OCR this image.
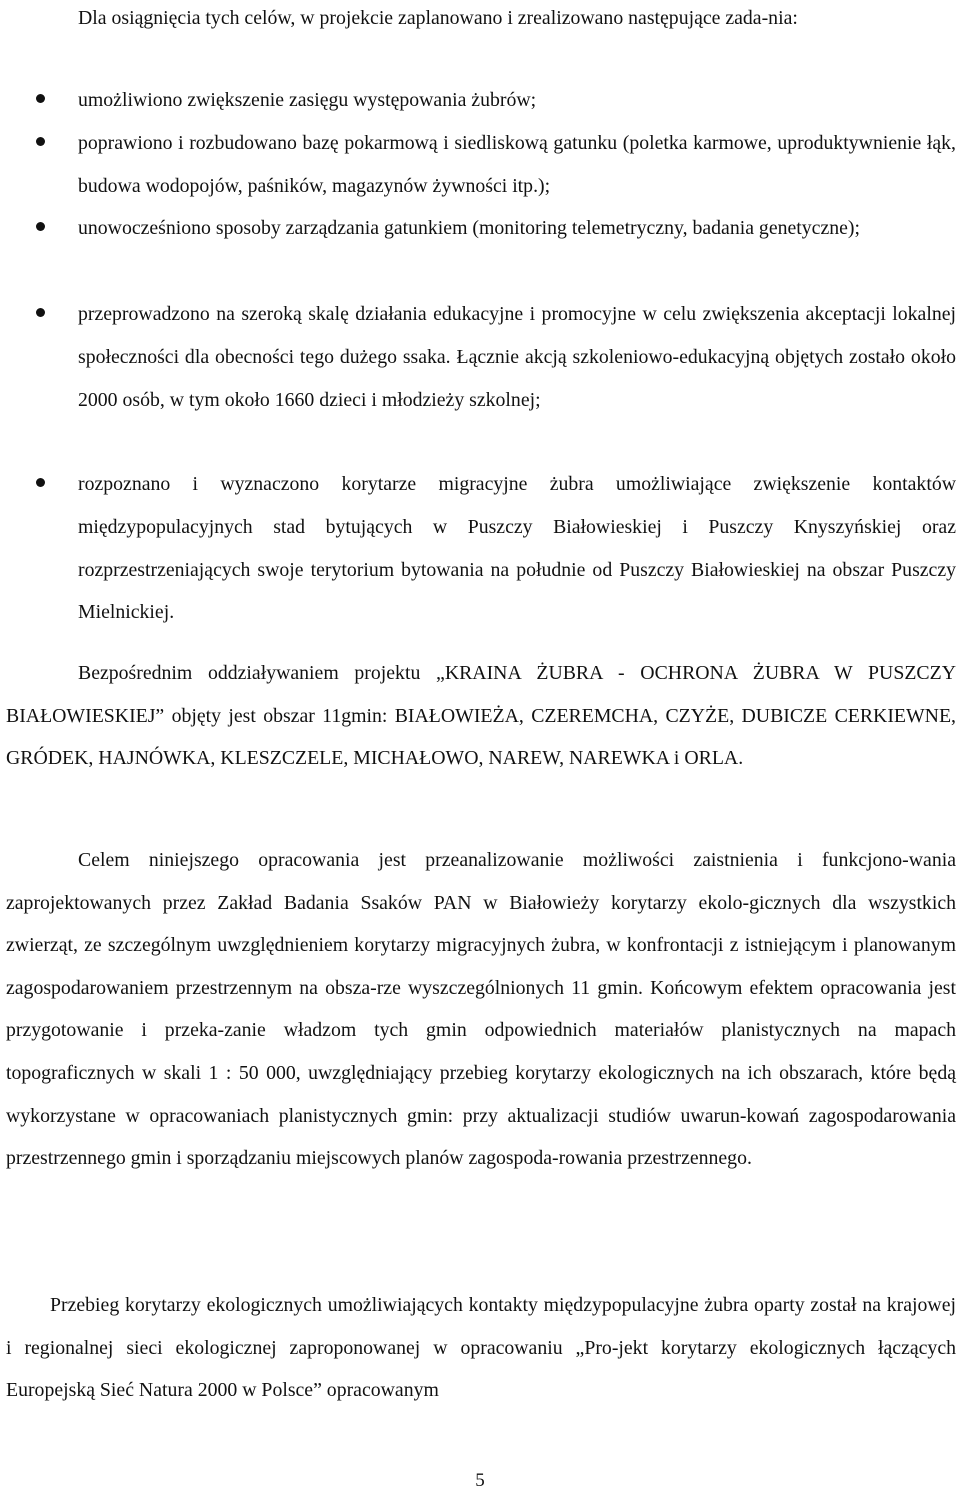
Dla osiągnięcia tych celów, w projekcie zaplanowano i zrealizowano następujące zada-nia:

umożliwiono zwiększenie zasięgu występowania żubrów;
poprawiono i rozbudowano bazę pokarmową i siedliskową gatunku (poletka karmowe, uproduktywnienie łąk, budowa wodopojów, paśników, magazynów żywności itp.);
unowocześniono sposoby zarządzania gatunkiem (monitoring telemetryczny, badania genetyczne);
przeprowadzono na szeroką skalę działania edukacyjne i promocyjne w celu zwiększenia akceptacji lokalnej społeczności dla obecności tego dużego ssaka. Łącznie akcją szkoleniowo-edukacyjną objętych zostało około 2000 osób, w tym około 1660 dzieci i młodzieży szkolnej;
rozpoznano i wyznaczono korytarze migracyjne żubra umożliwiające zwiększenie kontaktów międzypopulacyjnych stad bytujących w Puszczy Białowieskiej i Puszczy Knyszyńskiej oraz rozprzestrzeniających swoje terytorium bytowania na południe od Puszczy Białowieskiej na obszar Puszczy Mielnickiej.

Bezpośrednim oddziaływaniem projektu „KRAINA ŻUBRA - OCHRONA ŻUBRA W PUSZCZY BIAŁOWIESKIEJ” objęty jest obszar 11gmin: BIAŁOWIEŻA, CZEREMCHA, CZYŻE, DUBICZE CERKIEWNE, GRÓDEK, HAJNÓWKA, KLESZCZELE, MICHAŁOWO, NAREW, NAREWKA i ORLA.

Celem niniejszego opracowania jest przeanalizowanie możliwości zaistnienia i funkcjono-wania zaprojektowanych przez Zakład Badania Ssaków PAN w Białowieży korytarzy ekolo-gicznych dla wszystkich zwierząt, ze szczególnym uwzględnieniem korytarzy migracyjnych żubra, w konfrontacji z istniejącym i planowanym zagospodarowaniem przestrzennym na obsza-rze wyszczególnionych 11 gmin. Końcowym efektem opracowania jest przygotowanie i przeka-zanie władzom tych gmin odpowiednich materiałów planistycznych na mapach topograficznych w skali 1 : 50 000, uwzględniający przebieg korytarzy ekologicznych na ich obszarach, które będą wykorzystane w opracowaniach planistycznych gmin: przy aktualizacji studiów uwarun-kowań zagospodarowania przestrzennego gmin i sporządzaniu miejscowych planów zagospoda-rowania przestrzennego.

Przebieg korytarzy ekologicznych umożliwiających kontakty międzypopulacyjne żubra oparty został na krajowej i regionalnej sieci ekologicznej zaproponowanej w opracowaniu „Pro-jekt korytarzy ekologicznych łączących Europejską Sieć Natura 2000 w Polsce” opracowanym

5
